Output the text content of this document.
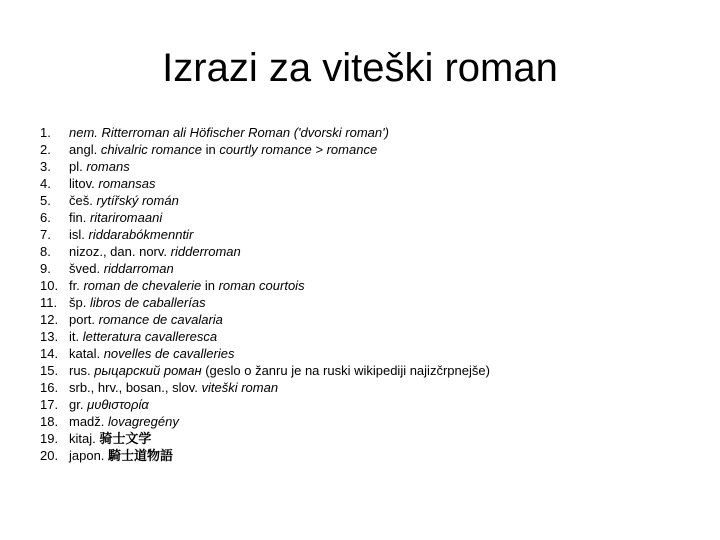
Izrazi za viteški roman
1.	nem. Ritterroman ali Höfischer Roman ('dvorski roman')
2.	angl. chivalric romance in courtly romance > romance
3.	pl. romans
4.	litov. romansas
5.	češ. rytířský román
6.	fin. ritariromaani
7.	isl. riddarabókmenntir
8.	nizoz., dan. norv. ridderroman
9.	šved. riddarroman
10. fr. roman de chevalerie in roman courtois
11. šp. libros de caballerías
12. port. romance de cavalaria
13. it. letteratura cavalleresca
14. katal. novelles de cavalleries
15. rus. рыцарский роман (geslo o žanru je na ruski wikipediji najizčrpnejše)
16. srb., hrv., bosan., slov. viteški roman
17. gr. μυθιστορία
18. madž. lovagregény
19. kitaj. 骑士文学
20. japon. 騎士道物語
